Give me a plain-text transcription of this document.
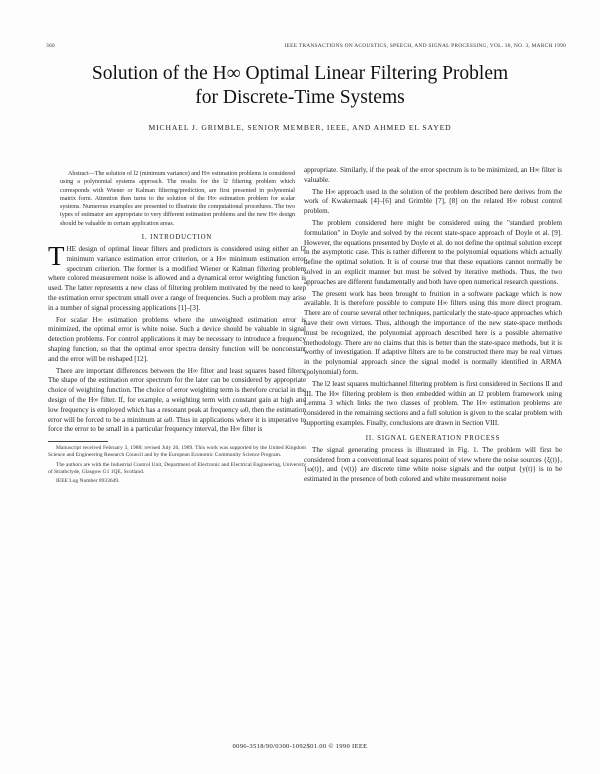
360	IEEE TRANSACTIONS ON ACOUSTICS, SPEECH, AND SIGNAL PROCESSING, VOL. 38, NO. 3, MARCH 1990
Solution of the H∞ Optimal Linear Filtering Problem
for Discrete-Time Systems
MICHAEL J. GRIMBLE, SENIOR MEMBER, IEEE, AND AHMED EL SAYED

Abstract—The solution of l2 (minimum variance) and H∞ estimation problems is considered using a polynomial systems approach. The results for the l2 filtering problem which corresponds with Wiener or Kalman filtering/prediction, are first presented in polynomial matrix form. Attention then turns to the solution of the H∞ estimation problem for scalar systems. Numerous examples are presented to illustrate the computational procedures. The two types of estimator are appropriate to very different estimation problems and the new H∞ design should be valuable in certain application areas.

I. INTRODUCTION

THE design of optimal linear filters and predictors is considered using either an l2 minimum variance estimation error criterion, or a H∞ minimum estimation error spectrum criterion. The former is a modified Wiener or Kalman filtering problem where colored measurement noise is allowed and a dynamical error weighting function is used. The latter represents a new class of filtering problem motivated by the need to keep the estimation error spectrum small over a range of frequencies. Such a problem may arise in a number of signal processing applications [1]–[3].

For scalar H∞ estimation problems where the unweighted estimation error is minimized, the optimal error is white noise. Such a device should be valuable in signal detection problems. For control applications it may be necessary to introduce a frequency shaping function, so that the optimal error spectra density function will be nonconstant and the error will be reshaped [12].

There are important differences between the H∞ filter and least squares based filters. The shape of the estimation error spectrum for the later can be considered by appropriate choice of weighting function. The choice of error weighting term is therefore crucial in the design of the H∞ filter. If, for example, a weighting term with constant gain at high and low frequency is employed which has a resonant peak at frequency ω0, then the estimation error will be forced to be a minimum at ω0. Thus in applications where it is imperative to force the error to be small in a particular frequency interval, the H∞ filter is

Manuscript received February 3, 1988; revised July 26, 1989. This work was supported by the United Kingdom Science and Engineering Research Council and by the European Economic Community Science Program.

The authors are with the Industrial Control Unit, Department of Electronic and Electrical Engineering, University of Strathclyde, Glasgow G1 1QE, Scotland.

IEEE Log Number 8933649.

appropriate. Similarly, if the peak of the error spectrum is to be minimized, an H∞ filter is valuable.

The H∞ approach used in the solution of the problem described here derives from the work of Kwakernaak [4]–[6] and Grimble [7], [8] on the related H∞ robust control problem.

The problem considered here might be considered using the "standard problem formulation" in Doyle and solved by the recent state-space approach of Doyle et al. [9]. However, the equations presented by Doyle et al. do not define the optimal solution except in the asymptotic case. This is rather different to the polynomial equations which actually define the optimal solution. It is of course true that these equations cannot normally be solved in an explicit manner but must be solved by iterative methods. Thus, the two approaches are different fundamentally and both have open numerical research questions.

The present work has been brought to fruition in a software package which is now available. It is therefore possible to compute H∞ filters using this more direct program. There are of course several other techniques, particularly the state-space approaches which have their own virtues. Thus, although the importance of the new state-space methods must be recognized, the polynomial approach described here is a possible alternative methodology. There are no claims that this is better than the state-space methods, but it is worthy of investigation. If adaptive filters are to be constructed there may be real virtues in the polynomial approach since the signal model is normally identified in ARMA (polynomial) form.

The l2 least squares multichannel filtering problem is first considered in Sections II and III. The H∞ filtering problem is then embedded within an l2 problem framework using Lemma 3 which links the two classes of problem. The H∞ estimation problems are considered in the remaining sections and a full solution is given to the scalar problem with supporting examples. Finally, conclusions are drawn in Section VIII.

II. SIGNAL GENERATION PROCESS

The signal generating process is illustrated in Fig. 1. The problem will first be considered from a conventional least squares point of view where the noise sources {ξ(t)}, {ω(t)}, and {v(t)} are discrete time white noise signals and the output {y(t)} is to be estimated in the presence of both colored and white measurement noise

0096-3518/90/0300-1092$01.00 © 1990 IEEE
